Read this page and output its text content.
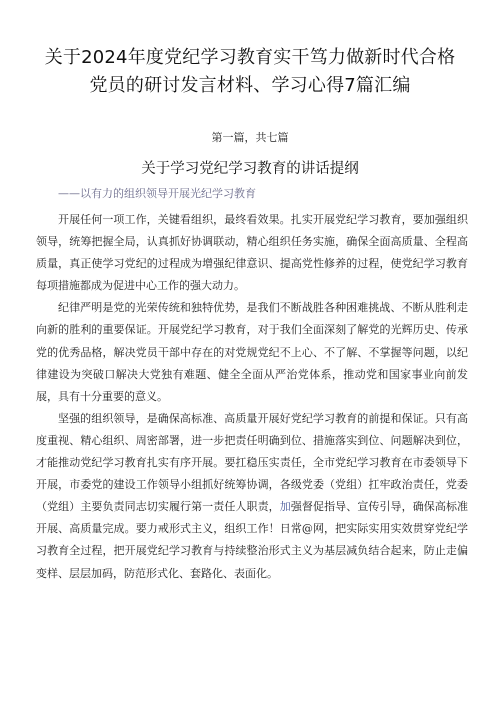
关于2024年度党纪学习教育实干笃力做新时代合格党员的研讨发言材料、学习心得7篇汇编
第一篇，共七篇
关于学习党纪学习教育的讲话提纲
——以有力的组织领导开展光纪学习教育

开展任何一项工作，关键看组织，最终看效果。扎实开展党纪学习教育，要加强组织领导，统筹把握全局，认真抓好协调联动，精心组织任务实施，确保全面高质量、全程高质量，真正使学习党纪的过程成为增强纪律意识、提高党性修养的过程，使党纪学习教育每项措施都成为促进中心工作的强大动力。

纪律严明是党的光荣传统和独特优势，是我们不断战胜各种困难挑战、不断从胜利走向新的胜利的重要保证。开展党纪学习教育，对于我们全面深刻了解党的光辉历史、传承党的优秀品格，解决党员干部中存在的对党规党纪不上心、不了解、不掌握等问题，以纪律建设为突破口解决大党独有难题、健全全面从严治党体系，推动党和国家事业向前发展，具有十分重要的意义。

坚强的组织领导，是确保高标准、高质量开展好党纪学习教育的前提和保证。只有高度重视、精心组织、周密部署，进一步把责任明确到位、措施落实到位、问题解决到位，才能推动党纪学习教育扎实有序开展。要扛稳压实责任，全市党纪学习教育在市委领导下开展，市委党的建设工作领导小组抓好统筹协调，各级党委（党组）扛牢政治责任，党委（党组）主要负责同志切实履行第一责任人职责，加强督促指导、宣传引导，确保高标准开展、高质量完成。要力戒形式主义，组织工作！日常@网，把实际实用实效贯穿党纪学习教育全过程，把开展党纪学习教育与持续整治形式主义为基层减负结合起来，防止走偏变样、层层加码，防范形式化、套路化、表面化。
